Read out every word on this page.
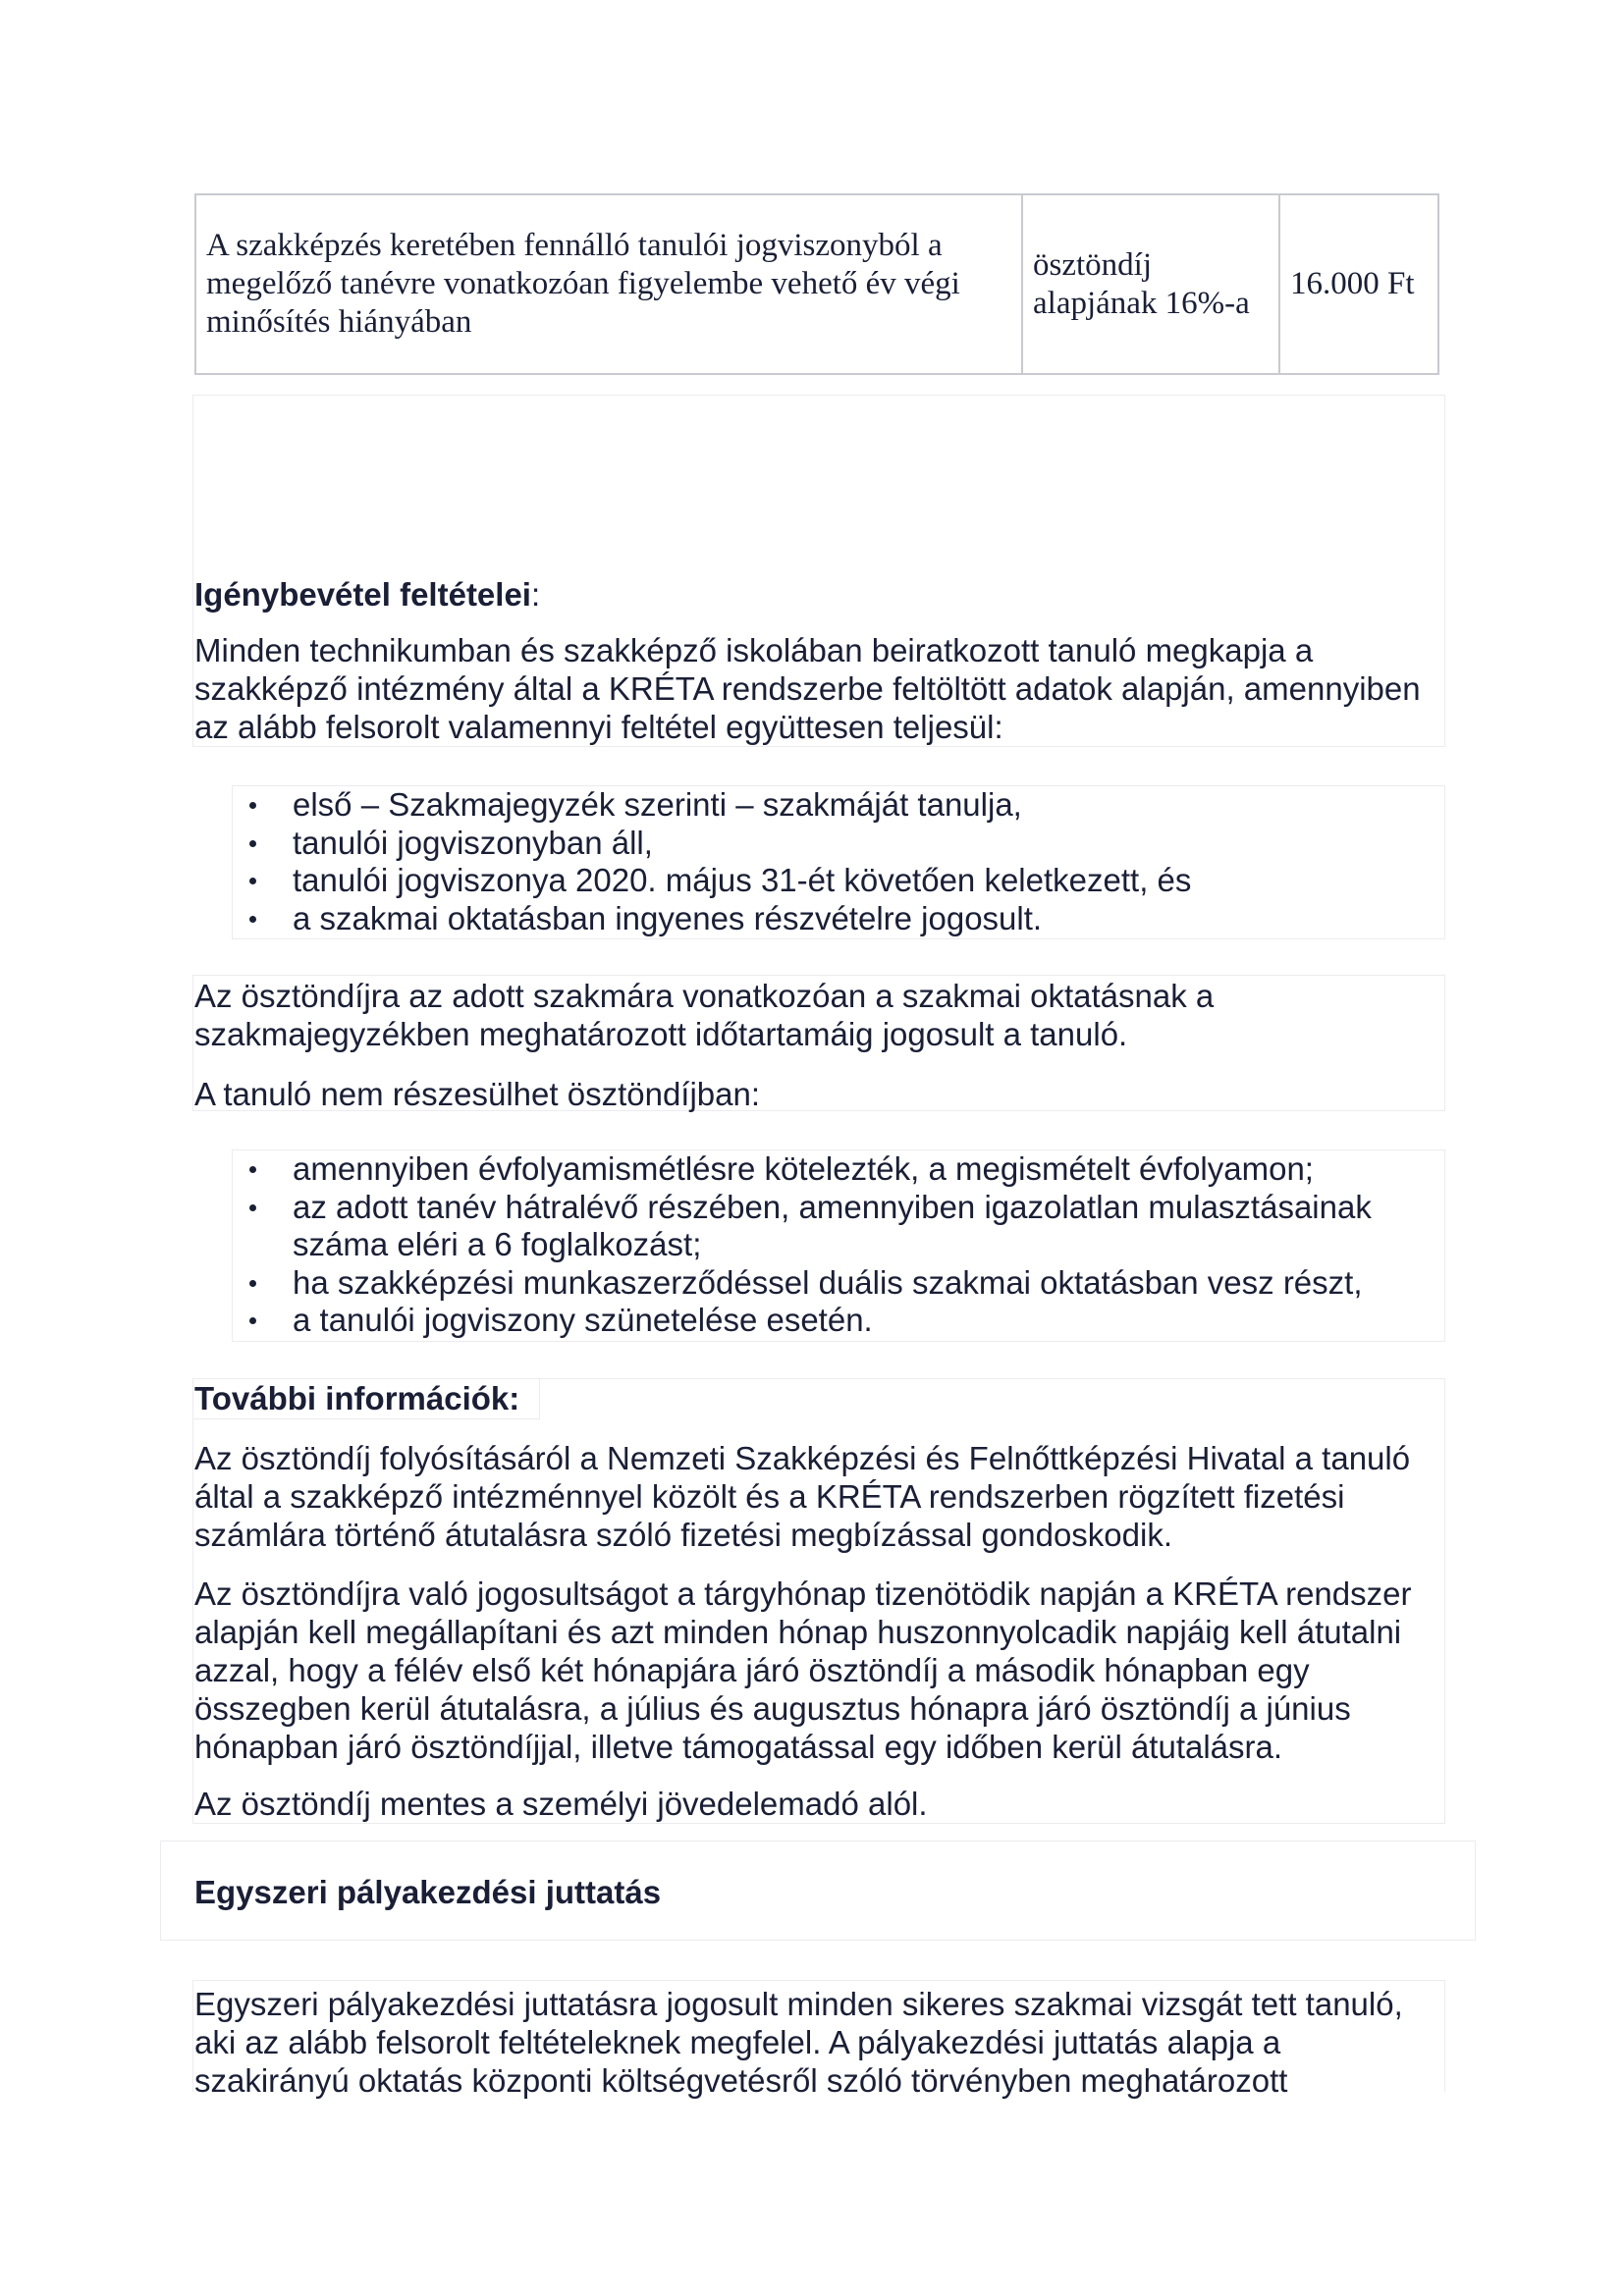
A szakképzés keretében fennálló tanulói jogviszonyból a megelőző tanévre vonatkozóan figyelembe vehető év végi minősítés hiányában	ösztöndíj alapjának 16%-a	16.000 Ft
Igénybevétel feltételei:

Minden technikumban és szakképző iskolában beiratkozott tanuló megkapja a szakképző intézmény által a KRÉTA rendszerbe feltöltött adatok alapján, amennyiben az alább felsorolt valamennyi feltétel együttesen teljesül:

első – Szakmajegyzék szerinti – szakmáját tanulja,
tanulói jogviszonyban áll,
tanulói jogviszonya 2020. május 31-ét követően keletkezett, és
a szakmai oktatásban ingyenes részvételre jogosult.

Az ösztöndíjra az adott szakmára vonatkozóan a szakmai oktatásnak a szakmajegyzékben meghatározott időtartamáig jogosult a tanuló.

A tanuló nem részesülhet ösztöndíjban:

amennyiben évfolyamismétlésre kötelezték, a megismételt évfolyamon;
az adott tanév hátralévő részében, amennyiben igazolatlan mulasztásainak száma eléri a 6 foglalkozást;
ha szakképzési munkaszerződéssel duális szakmai oktatásban vesz részt,
a tanulói jogviszony szünetelése esetén.
További információk:

Az ösztöndíj folyósításáról a Nemzeti Szakképzési és Felnőttképzési Hivatal a tanuló által a szakképző intézménnyel közölt és a KRÉTA rendszerben rögzített fizetési számlára történő átutalásra szóló fizetési megbízással gondoskodik.

Az ösztöndíjra való jogosultságot a tárgyhónap tizenötödik napján a KRÉTA rendszer alapján kell megállapítani és azt minden hónap huszonnyolcadik napjáig kell átutalni azzal, hogy a félév első két hónapjára járó ösztöndíj a második hónapban egy összegben kerül átutalásra, a július és augusztus hónapra járó ösztöndíj a június hónapban járó ösztöndíjjal, illetve támogatással egy időben kerül átutalásra.

Az ösztöndíj mentes a személyi jövedelemadó alól.

Egyszeri pályakezdési juttatás

Egyszeri pályakezdési juttatásra jogosult minden sikeres szakmai vizsgát tett tanuló, aki az alább felsorolt feltételeknek megfelel. A pályakezdési juttatás alapja a szakirányú oktatás központi költségvetésről szóló törvényben meghatározott
